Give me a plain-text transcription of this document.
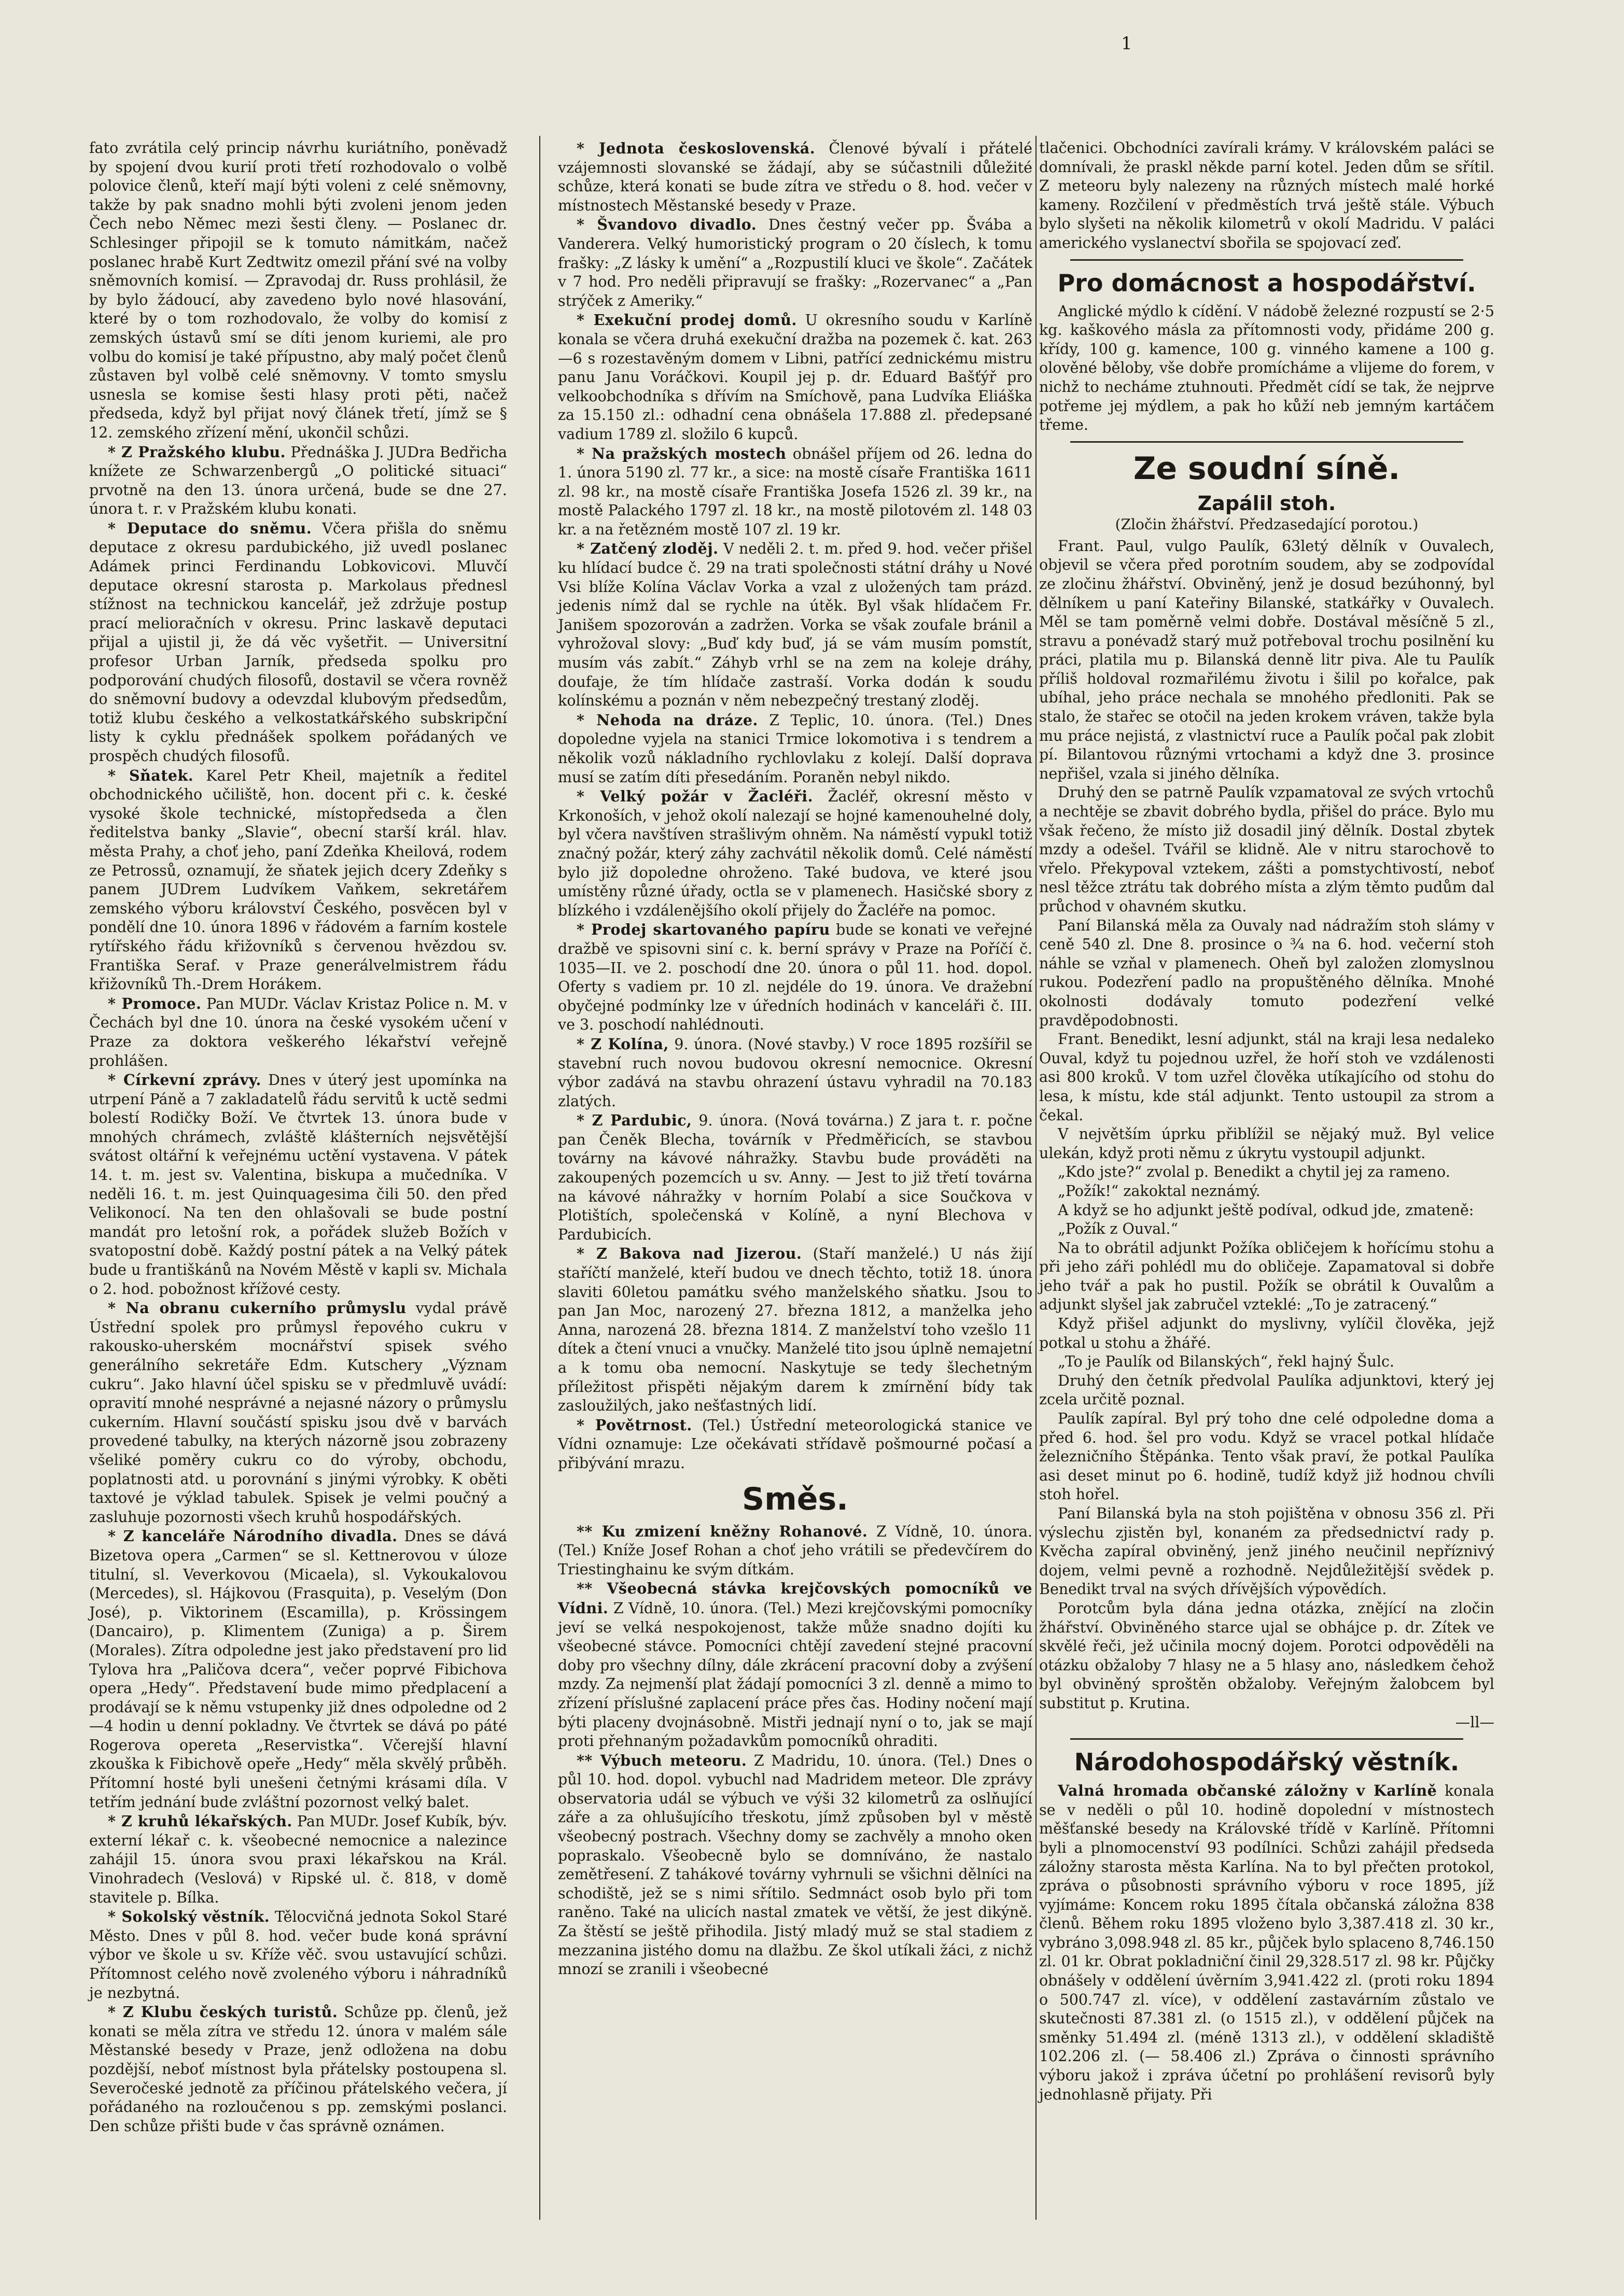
1

fato zvrátila celý princip návrhu kuriátního, poněvadž by spojení dvou kurií proti třetí rozhodovalo o volbě polovice členů, kteří mají býti voleni z celé sněmovny, takže by pak snadno mohli býti zvoleni jenom jeden Čech nebo Němec mezi šesti členy. — Poslanec dr. Schlesinger připojil se k tomuto námitkám, načež poslanec hrabě Kurt Zedtwitz omezil přání své na volby sněmovních komisí. — Zpravodaj dr. Russ prohlásil, že by bylo žádoucí, aby zavedeno bylo nové hlasování, které by o tom rozhodovalo, že volby do komisí z zemských ústavů smí se díti jenom kuriemi, ale pro volbu do komisí je také přípustno, aby malý počet členů zůstaven byl volbě celé sněmovny. V tomto smyslu usnesla se komise šesti hlasy proti pěti, načež předseda, když byl přijat nový článek třetí, jímž se § 12. zemského zřízení mění, ukončil schůzi.

* Z Pražského klubu. Přednáška J. JUDra Bedřicha knížete ze Schwarzenbergů „O politické situaci“ prvotně na den 13. února určená, bude se dne 27. února t. r. v Pražském klubu konati.

* Deputace do sněmu. Včera přišla do sněmu deputace z okresu pardubického, již uvedl poslanec Adámek princi Ferdinandu Lobkovicovi. Mluvčí deputace okresní starosta p. Markolaus přednesl stížnost na technickou kancelář, jež zdržuje postup prací melioračních v okresu. Princ laskavě deputaci přijal a ujistil ji, že dá věc vyšetřit. — Universitní profesor Urban Jarník, předseda spolku pro podporování chudých filosofů, dostavil se včera rovněž do sněmovní budovy a odevzdal klubovým předsedům, totiž klubu českého a velkostatkářského subskripční listy k cyklu přednášek spolkem pořádaných ve prospěch chudých filosofů.

* Sňatek. Karel Petr Kheil, majetník a ředitel obchodnického učiliště, hon. docent při c. k. české vysoké škole technické, místopředseda a člen ředitelstva banky „Slavie“, obecní starší král. hlav. města Prahy, a choť jeho, paní Zdeňka Kheilová, rodem ze Petrossů, oznamují, že sňatek jejich dcery Zdeňky s panem JUDrem Ludvíkem Vaňkem, sekretářem zemského výboru království Českého, posvěcen byl v pondělí dne 10. února 1896 v řádovém a farním kostele rytířského řádu křižovníků s červenou hvězdou sv. Františka Seraf. v Praze generálvelmistrem řádu křižovníků Th.-Drem Horákem.

* Promoce. Pan MUDr. Václav Kristaz Police n. M. v Čechách byl dne 10. února na české vysokém učení v Praze za doktora veškerého lékařství veřejně prohlášen.

* Církevní zprávy. Dnes v úterý jest upomínka na utrpení Páně a 7 zakladatelů řádu servitů k uctě sedmi bolestí Rodičky Boží. Ve čtvrtek 13. února bude v mnohých chrámech, zvláště klášterních nejsvětější svátost oltářní k veřejnému uctění vystavena. V pátek 14. t. m. jest sv. Valentina, biskupa a mučedníka. V neděli 16. t. m. jest Quinquagesima čili 50. den před Velikonocí. Na ten den ohlašovali se bude postní mandát pro letošní rok, a pořádek služeb Božích v svatopostní době. Každý postní pátek a na Velký pátek bude u františkánů na Novém Městě v kapli sv. Michala o 2. hod. pobožnost křížové cesty.

* Na obranu cukerního průmyslu vydal právě Ústřední spolek pro průmysl řepového cukru v rakousko-uherském mocnářství spisek svého generálního sekretáře Edm. Kutschery „Význam cukru“. Jako hlavní účel spisku se v předmluvě uvádí: opravití mnohé nesprávné a nejasné názory o průmyslu cukerním. Hlavní součástí spisku jsou dvě v barvách provedené tabulky, na kterých názorně jsou zobrazeny všeliké poměry cukru co do výroby, obchodu, poplatnosti atd. u porovnání s jinými výrobky. K oběti taxtové je výklad tabulek. Spisek je velmi poučný a zasluhuje pozornosti všech kruhů hospodářských.

* Z kanceláře Národního divadla. Dnes se dává Bizetova opera „Carmen“ se sl. Kettnerovou v úloze titulní, sl. Veverkovou (Micaela), sl. Vykoukalovou (Mercedes), sl. Hájkovou (Frasquita), p. Veselým (Don José), p. Viktorinem (Escamilla), p. Krössingem (Dancairo), p. Klimentem (Zuniga) a p. Širem (Morales). Zítra odpoledne jest jako představení pro lid Tylova hra „Paličova dcera“, večer poprvé Fibichova opera „Hedy“. Představení bude mimo předplacení a prodávají se k němu vstupenky již dnes odpoledne od 2—4 hodin u denní pokladny. Ve čtvrtek se dává po páté Rogerova opereta „Reservistka“. Včerejší hlavní zkouška k Fibichově opeře „Hedy“ měla skvělý průběh. Přítomní hosté byli unešeni četnými krásami díla. V tetřím jednání bude zvláštní pozornost velký balet.

* Z kruhů lékařských. Pan MUDr. Josef Kubík, býv. externí lékař c. k. všeobecné nemocnice a nalezince zahájil 15. února svou praxi lékařskou na Král. Vinohradech (Veslová) v Ripské ul. č. 818, v domě stavitele p. Bílka.

* Sokolský věstník. Tělocvičná jednota Sokol Staré Město. Dnes v půl 8. hod. večer bude koná správní výbor ve škole u sv. Kříže věč. svou ustavující schůzi. Přítomnost celého nově zvoleného výboru i náhradníků je nezbytná.

* Z Klubu českých turistů. Schůze pp. členů, jež konati se měla zítra ve středu 12. února v malém sále Městanské besedy v Praze, jenž odložena na dobu pozdější, neboť místnost byla přátelsky postoupena sl. Severočeské jednotě za příčinou přátelského večera, jí pořádaného na rozloučenou s pp. zemskými poslanci. Den schůze přišti bude v čas správně oznámen.

* Jednota československá. Členové bývalí i přátelé vzájemnosti slovanské se žádají, aby se súčastnili důležité schůze, která konati se bude zítra ve středu o 8. hod. večer v místnostech Městanské besedy v Praze.

* Švandovo divadlo. Dnes čestný večer pp. Švába a Vanderera. Velký humoristický program o 20 číslech, k tomu frašky: „Z lásky k umění“ a „Rozpustilí kluci ve škole“. Začátek v 7 hod. Pro neděli připravují se frašky: „Rozervanec“ a „Pan strýček z Ameriky.“

* Exekuční prodej domů. U okresního soudu v Karlíně konala se včera druhá exekuční dražba na pozemek č. kat. 263—6 s rozestavěným domem v Libni, patřící zednickému mistru panu Janu Voráčkovi. Koupil jej p. dr. Eduard Bašťýř pro velkoobchodníka s dřívím na Smíchově, pana Ludvíka Eliáška za 15.150 zl.: odhadní cena obnášela 17.888 zl. předepsané vadium 1789 zl. složilo 6 kupců.

* Na pražských mostech obnášel příjem od 26. ledna do 1. února 5190 zl. 77 kr., a sice: na mostě císaře Františka 1611 zl. 98 kr., na mostě císaře Františka Josefa 1526 zl. 39 kr., na mostě Palackého 1797 zl. 18 kr., na mostě pilotovém zl. 148 03 kr. a na řetězném mostě 107 zl. 19 kr.

* Zatčený zloděj. V neděli 2. t. m. před 9. hod. večer přišel ku hlídací budce č. 29 na trati společnosti státní dráhy u Nové Vsi blíže Kolína Václav Vorka a vzal z uložených tam prázd. jedenis nímž dal se rychle na útěk. Byl však hlídačem Fr. Janišem spozorován a zadržen. Vorka se však zoufale bránil a vyhrožoval slovy: „Buď kdy buď, já se vám musím pomstít, musím vás zabít.“ Záhyb vrhl se na zem na koleje dráhy, doufaje, že tím hlídače zastraší. Vorka dodán k soudu kolínskému a poznán v něm nebezpečný trestaný zloděj.

* Nehoda na dráze. Z Teplic, 10. února. (Tel.) Dnes dopoledne vyjela na stanici Trmice lokomotiva i s tendrem a několik vozů nákladního rychlovlaku z kolejí. Další doprava musí se zatím díti přesedáním. Poraněn nebyl nikdo.

* Velký požár v Žacléři. Žacléř, okresní město v Krkonoších, v jehož okolí nalezají se hojné kamenouhelné doly, byl včera navštíven strašlivým ohněm. Na náměstí vypukl totiž značný požár, který záhy zachvátil několik domů. Celé náměstí bylo již dopoledne ohroženo. Také budova, ve které jsou umístěny různé úřady, octla se v plamenech. Hasičské sbory z blízkého i vzdálenějšího okolí přijely do Žacléře na pomoc.

* Prodej skartovaného papíru bude se konati ve veřejné dražbě ve spisovni siní c. k. berní správy v Praze na Poříčí č. 1035—II. ve 2. poschodí dne 20. února o půl 11. hod. dopol. Oferty s vadiem pr. 10 zl. nejdéle do 19. února. Ve dražební obyčejné podmínky lze v úředních hodinách v kanceláři č. III. ve 3. poschodí nahlédnouti.

* Z Kolína, 9. února. (Nové stavby.) V roce 1895 rozšířil se stavební ruch novou budovou okresní nemocnice. Okresní výbor zadává na stavbu ohrazení ústavu vyhradil na 70.183 zlatých.

* Z Pardubic, 9. února. (Nová továrna.) Z jara t. r. počne pan Čeněk Blecha, továrník v Předměřicích, se stavbou továrny na kávové náhražky. Stavbu bude prováděti na zakoupených pozemcích u sv. Anny. — Jest to již třetí továrna na kávové náhražky v horním Polabí a sice Součkova v Plotištích, společenská v Kolíně, a nyní Blechova v Pardubicích.

* Z Bakova nad Jizerou. (Staří manželé.) U nás žijí staříčtí manželé, kteří budou ve dnech těchto, totiž 18. února slaviti 60letou památku svého manželského sňatku. Jsou to pan Jan Moc, narozený 27. března 1812, a manželka jeho Anna, narozená 28. března 1814. Z manželství toho vzešlo 11 dítek a čtení vnuci a vnučky. Manželé tito jsou úplně nemajetní a k tomu oba nemocní. Naskytuje se tedy šlechetným příležitost přispěti nějakým darem k zmírnění bídy tak zasloužilých, jako nešťastných lidí.

* Povětrnost. (Tel.) Ústřední meteorologická stanice ve Vídni oznamuje: Lze očekávati střídavě pošmourné počasí a přibývání mrazu.

Směs.

** Ku zmizení kněžny Rohanové. Z Vídně, 10. února. (Tel.) Kníže Josef Rohan a choť jeho vrátili se předevčírem do Triestinghainu ke svým dítkám.

** Všeobecná stávka krejčovských pomocníků ve Vídni. Z Vídně, 10. února. (Tel.) Mezi krejčovskými pomocníky jeví se velká nespokojenost, takže může snadno dojíti ku všeobecné stávce. Pomocníci chtějí zavedení stejné pracovní doby pro všechny dílny, dále zkrácení pracovní doby a zvýšení mzdy. Za nejmenší plat žádají pomocníci 3 zl. denně a mimo to zřízení příslušné zaplacení práce přes čas. Hodiny nočení mají býti placeny dvojnásobně. Mistři jednají nyní o to, jak se mají proti přehnaným požadavkům pomocníků ohraditi.

** Výbuch meteoru. Z Madridu, 10. února. (Tel.) Dnes o půl 10. hod. dopol. vybuchl nad Madridem meteor. Dle zprávy observatoria udál se výbuch ve výši 32 kilometrů za oslňující záře a za ohlušujícího třeskotu, jímž způsoben byl v městě všeobecný postrach. Všechny domy se zachvěly a mnoho oken popraskalo. Všeobecně bylo se domníváno, že nastalo zemětřesení. Z tahákové továrny vyhrnuli se všichni dělníci na schodiště, jež se s nimi sřítilo. Sedmnáct osob bylo při tom raněno. Také na ulicích nastal zmatek ve větší, že jest dikýně. Za štěstí se ještě přihodila. Jistý mladý muž se stal stadiem z mezzanina jistého domu na dlažbu. Ze škol utíkali žáci, z nichž mnozí se zranili i všeobecné

tlačenici. Obchodníci zavírali krámy. V královském paláci se domnívali, že praskl někde parní kotel. Jeden dům se sřítil. Z meteoru byly nalezeny na různých místech malé horké kameny. Rozčilení v předměstích trvá ještě stále. Výbuch bylo slyšeti na několik kilometrů v okolí Madridu. V paláci amerického vyslanectví sbořila se spojovací zeď.

Pro domácnost a hospodářství.

Anglické mýdlo k cídění. V nádobě železné rozpustí se 2·5 kg. kaškového másla za přítomnosti vody, přidáme 200 g. křídy, 100 g. kamence, 100 g. vinného kamene a 100 g. olověné běloby, vše dobře promícháme a vlijeme do forem, v nichž to necháme ztuhnouti. Předmět cídí se tak, že nejprve potřeme jej mýdlem, a pak ho kůží neb jemným kartáčem třeme.

Ze soudní síně.
Zapálil stoh.
(Zločin žhářství. Předzasedající porotou.)

Frant. Paul, vulgo Paulík, 63letý dělník v Ouvalech, objevil se včera před porotním soudem, aby se zodpovídal ze zločinu žhářství. Obviněný, jenž je dosud bezúhonný, byl dělníkem u paní Kateřiny Bilanské, statkářky v Ouvalech. Měl se tam poměrně velmi dobře. Dostával měsíčně 5 zl., stravu a ponévadž starý muž potřeboval trochu posilnění ku práci, platila mu p. Bilanská denně litr piva. Ale tu Paulík příliš holdoval rozmařilému životu i šilil po kořalce, pak ubíhal, jeho práce nechala se mnohého předloniti. Pak se stalo, že stařec se otočil na jeden krokem vráven, takže byla mu práce nejistá, z vlastnictví ruce a Paulík počal pak zlobit pí. Bilantovou různými vrtochami a když dne 3. prosince nepřišel, vzala si jiného dělníka.

Druhý den se patrně Paulík vzpamatoval ze svých vrtochů a nechtěje se zbavit dobrého bydla, přišel do práce. Bylo mu však řečeno, že místo již dosadil jiný dělník. Dostal zbytek mzdy a odešel. Tvářil se klidně. Ale v nitru starochově to vřelo. Překypoval vztekem, zášti a pomstychtivostí, neboť nesl těžce ztrátu tak dobrého místa a zlým těmto pudům dal průchod v ohavném skutku.

Paní Bilanská měla za Ouvaly nad nádražím stoh slámy v ceně 540 zl. Dne 8. prosince o ¾ na 6. hod. večerní stoh náhle se vzňal v plamenech. Oheň byl založen zlomyslnou rukou. Podezření padlo na propuštěného dělníka. Mnohé okolnosti dodávaly tomuto podezření velké pravděpodobnosti.

Frant. Benedikt, lesní adjunkt, stál na kraji lesa nedaleko Ouval, když tu pojednou uzřel, že hoří stoh ve vzdálenosti asi 800 kroků. V tom uzřel člověka utíkajícího od stohu do lesa, k místu, kde stál adjunkt. Tento ustoupil za strom a čekal.

V největším úprku přiblížil se nějaký muž. Byl velice ulekán, když proti němu z úkrytu vystoupil adjunkt.

„Kdo jste?“ zvolal p. Benedikt a chytil jej za rameno.

„Požík!“ zakoktal neznámý.

A když se ho adjunkt ještě podíval, odkud jde, zmateně:

„Požík z Ouval.“

Na to obrátil adjunkt Požíka obličejem k hořícímu stohu a při jeho záři pohlédl mu do obličeje. Zapamatoval si dobře jeho tvář a pak ho pustil. Požík se obrátil k Ouvalům a adjunkt slyšel jak zabručel vzteklé: „To je zatracený.“

Když přišel adjunkt do myslivny, vylíčil člověka, jejž potkal u stohu a žhářé.

„To je Paulík od Bilanských“, řekl hajný Šulc.

Druhý den četník předvolal Paulíka adjunktovi, který jej zcela určitě poznal.

Paulík zapíral. Byl prý toho dne celé odpoledne doma a před 6. hod. šel pro vodu. Když se vracel potkal hlídače železničního Štěpánka. Tento však praví, že potkal Paulíka asi deset minut po 6. hodině, tudíž když již hodnou chvíli stoh hořel.

Paní Bilanská byla na stoh pojištěna v obnosu 356 zl. Při výslechu zjistěn byl, konaném za předsednictví rady p. Kvěcha zapíral obviněný, jenž jiného neučinil nepříznivý dojem, velmi pevně a rozhodně. Nejdůležitější svědek p. Benedikt trval na svých dřívějších výpovědích.

Porotcům byla dána jedna otázka, znějící na zločin žhářství. Obviněného starce ujal se obhájce p. dr. Zítek ve skvělé řeči, jež učinila mocný dojem. Porotci odpověděli na otázku obžaloby 7 hlasy ne a 5 hlasy ano, následkem čehož byl obviněný sproštěn obžaloby. Veřejným žalobcem byl substitut p. Krutina.

—ll—

Národohospodářský věstník.

Valná hromada občanské záložny v Karlíně konala se v neděli o půl 10. hodině dopolední v místnostech měšťanské besedy na Královské třídě v Karlíně. Přítomni byli a plnomocenství 93 podílníci. Schůzi zahájil předseda záložny starosta města Karlína. Na to byl přečten protokol, zpráva o působnosti správního výboru v roce 1895, jíž vyjímáme: Koncem roku 1895 čítala občanská záložna 838 členů. Během roku 1895 vloženo bylo 3,387.418 zl. 30 kr., vybráno 3,098.948 zl. 85 kr., půjček bylo splaceno 8,746.150 zl. 01 kr. Obrat pokladniční činil 29,328.517 zl. 98 kr. Půjčky obnášely v oddělení úvěrním 3,941.422 zl. (proti roku 1894 o 500.747 zl. více), v oddělení zastavárním zůstalo ve skutečnosti 87.381 zl. (o 1515 zl.), v oddělení půjček na směnky 51.494 zl. (méně 1313 zl.), v oddělení skladiště 102.206 zl. (— 58.406 zl.) Zpráva o činnosti správního výboru jakož i zpráva účetní po prohlášení revisorů byly jednohlasně přijaty. Při
